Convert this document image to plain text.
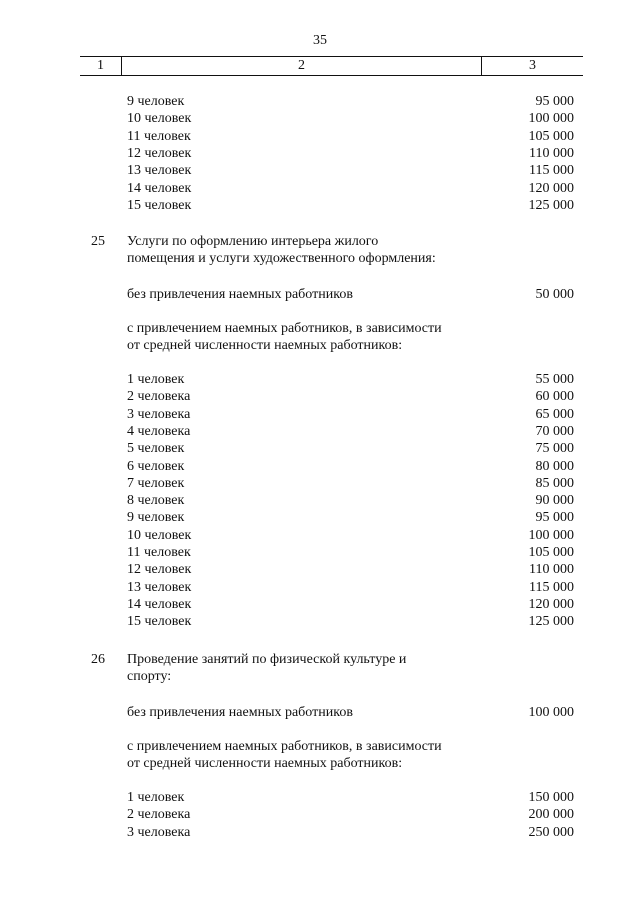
35
1	2	3
9 человек	95 000
10 человек	100 000
11 человек	105 000
12 человек	110 000
13 человек	115 000
14 человек	120 000
15 человек	125 000
25 Услуги по оформлению интерьера жилого
помещения и услуги художественного оформления:
без привлечения наемных работников	50 000
с привлечением наемных работников, в зависимости
от средней численности наемных работников:
1 человек	55 000
2 человека	60 000
3 человека	65 000
4 человека	70 000
5 человек	75 000
6 человек	80 000
7 человек	85 000
8 человек	90 000
9 человек	95 000
10 человек	100 000
11 человек	105 000
12 человек	110 000
13 человек	115 000
14 человек	120 000
15 человек	125 000
26 Проведение занятий по физической культуре и
спорту:
без привлечения наемных работников	100 000
с привлечением наемных работников, в зависимости
от средней численности наемных работников:
1 человек	150 000
2 человека	200 000
3 человека	250 000
